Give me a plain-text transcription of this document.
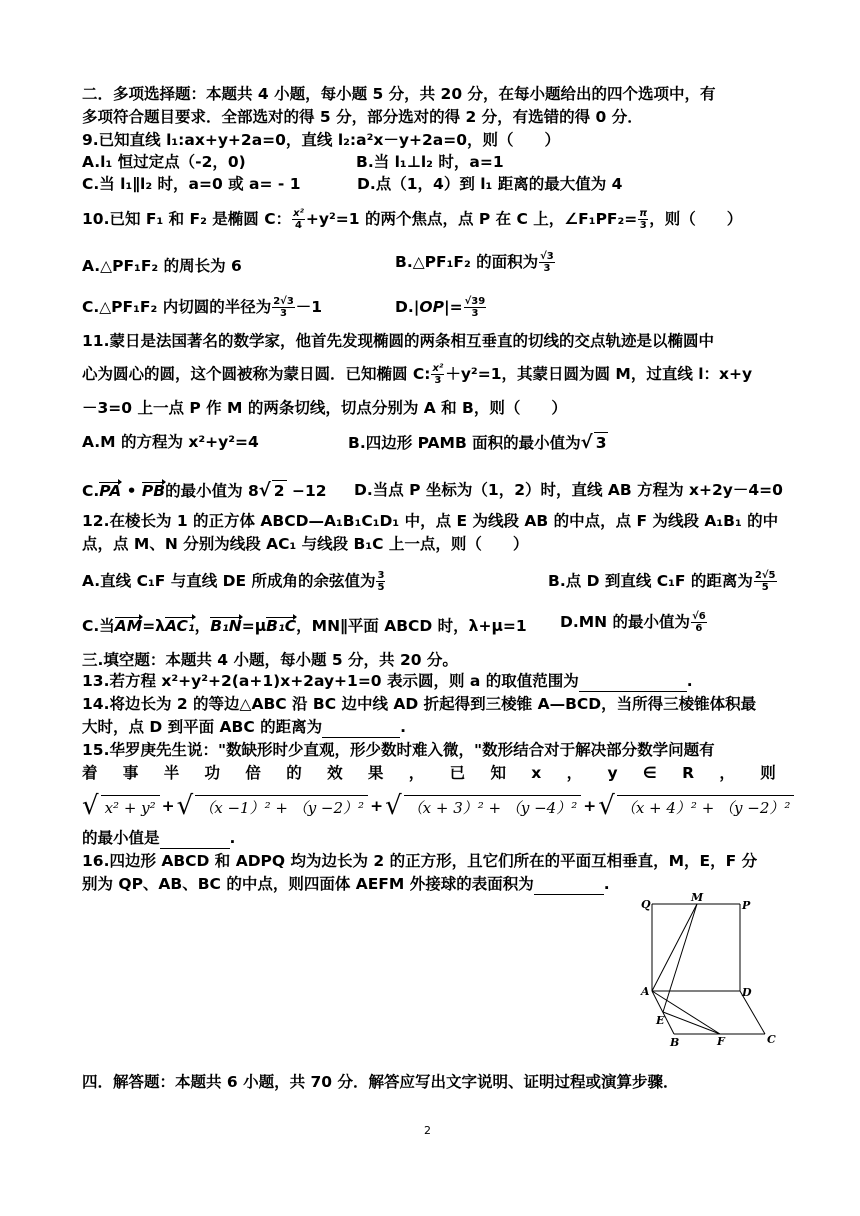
二．多项选择题：本题共 4 小题，每小题 5 分，共 20 分，在每小题给出的四个选项中，有
多项符合题目要求．全部选对的得 5 分，部分选对的得 2 分，有选错的得 0 分．
9.已知直线 l₁:ax+y+2a=0，直线 l₂:a²x－y+2a=0，则（　　）
A.l₁ 恒过定点（-2，0)	B.当 l₁⊥l₂ 时，a=1
C.当 l₁∥l₂ 时，a=0 或 a= - 1	D.点（1，4）到 l₁ 距离的最大值为 4
10.已知 F₁ 和 F₂ 是椭圆 C： $\frac{\text{x²}}{4} +y^2=1$ 的两个焦点，点 P 在 C 上，∠F₁PF₂= $\frac{\pi}{3}$ ，则（　　）
A.△PF₁F₂ 的周长为 6	B.△PF₁F₂ 的面积为 $\frac{√3}{3}$
C.△PF₁F₂ 内切圆的半径为 $\frac{2√3}{3} -1$	$D.|OP|= \frac{√39}{3}$
11.蒙日是法国著名的数学家，他首先发现椭圆的两条相互垂直的切线的交点轨迹是以椭圆中
心为圆心的圆，这个圆被称为蒙日圆．已知椭圆 C: $\frac{\text{x²}}{3} +y^2=1$，其蒙日圆为圆 M，过直线 l：x+y
－3=0 上一点 P 作 M 的两条切线，切点分别为 A 和 B，则（　　）
A.M 的方程为 x²+y²=4	B.四边形 PAMB 面积的最小值为√ 3
C.PA • PB的最小值为 8√ 2 −12 D.当点 P 坐标为（1，2）时，直线 AB 方程为 x+2y－4=0
12.在棱长为 1 的正方体 ABCD—A₁B₁C₁D₁ 中，点 E 为线段 AB 的中点，点 F 为线段 A₁B₁ 的中
点，点 M、N 分别为线段 AC₁ 与线段 B₁C 上一点，则（　　）
A.直线 C₁F 与直线 DE 所成角的余弦值为 $\frac{3}{5}$	B.点 D 到直线 C₁F 的距离为 $\frac{2√5}{5}$
C.当AM=λAC₁，B₁N=μB₁C，MN∥平面 ABCD 时，λ+μ=1 D.MN 的最小值为 $\frac{√6}{6}$
三.填空题：本题共 4 小题，每小题 5 分，共 20 分。
13.若方程 x²+y²+2(a+1)x+2ay+1=0 表示圆，则 a 的取值范围为	.
14.将边长为 2 的等边△ABC 沿 BC 边中线 AD 折起得到三棱锥 A—BCD，当所得三棱锥体积最
大时，点 D 到平面 ABC 的距离为	.
15.华罗庚先生说："数缺形时少直观，形少数时难入微，"数形结合对于解决部分数学问题有
着 事 半 功 倍 的 效 果 ， 已 知 x ， y ∈ R ， 则
√ x² + y² + √ （x −1）² + （y −2）² + √ （x + 3）² + （y −4）² + √ （x + 4）² + （y −2）²
的最小值是	.
16.四边形 ABCD 和 ADPQ 均为边长为 2 的正方形，且它们所在的平面互相垂直，M，E，F 分
别为 QP、AB、BC 的中点，则四面体 AEFM 外接球的表面积为	.
Q
M
P
A	D
E
B	F	C
四．解答题：本题共 6 小题，共 70 分．解答应写出文字说明、证明过程或演算步骤．
2
